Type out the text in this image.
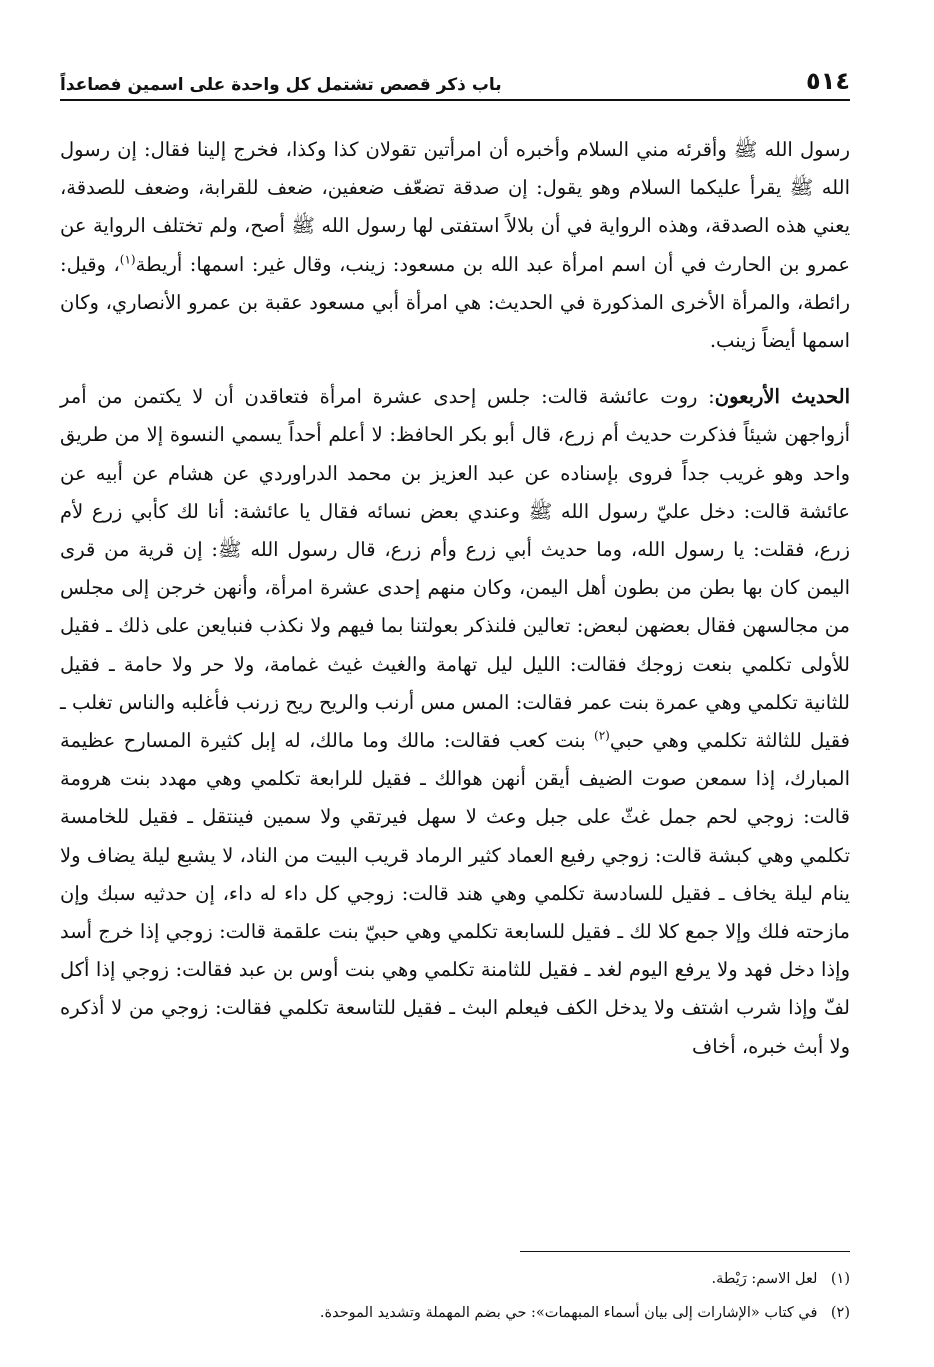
٥١٤
باب ذكر قصص تشتمل كل واحدة على اسمين فصاعداً

رسول الله ﷺ وأقرئه مني السلام وأخبره أن امرأتين تقولان كذا وكذا، فخرج إلينا فقال: إن رسول الله ﷺ يقرأ عليكما السلام وهو يقول: إن صدقة تضعّف ضعفين، ضعف للقرابة، وضعف للصدقة، يعني هذه الصدقة، وهذه الرواية في أن بلالاً استفتى لها رسول الله ﷺ أصح، ولم تختلف الرواية عن عمرو بن الحارث في أن اسم امرأة عبد الله بن مسعود: زينب، وقال غير: اسمها: أريطة$^{(١)}$، وقيل: رائطة، والمرأة الأخرى المذكورة في الحديث: هي امرأة أبي مسعود عقبة بن عمرو الأنصاري، وكان اسمها أيضاً زينب.

الحديث الأربعون: روت عائشة قالت: جلس إحدى عشرة امرأة فتعاقدن أن لا يكتمن من أمر أزواجهن شيئاً فذكرت حديث أم زرع، قال أبو بكر الحافظ: لا أعلم أحداً يسمي النسوة إلا من طريق واحد وهو غريب جداً فروى بإسناده عن عبد العزيز بن محمد الدراوردي عن هشام عن أبيه عن عائشة قالت: دخل عليّ رسول الله ﷺ وعندي بعض نسائه فقال يا عائشة: أنا لك كأبي زرع لأم زرع، فقلت: يا رسول الله، وما حديث أبي زرع وأم زرع، قال رسول الله ﷺ: إن قرية من قرى اليمن كان بها بطن من بطون أهل اليمن، وكان منهم إحدى عشرة امرأة، وأنهن خرجن إلى مجلس من مجالسهن فقال بعضهن لبعض: تعالين فلنذكر بعولتنا بما فيهم ولا نكذب فنبايعن على ذلك ـ فقيل للأولى تكلمي بنعت زوجك فقالت: الليل ليل تهامة والغيث غيث غمامة، ولا حر ولا حامة ـ فقيل للثانية تكلمي وهي عمرة بنت عمر فقالت: المس مس أرنب والريح ريح زرنب فأغلبه والناس تغلب ـ فقيل للثالثة تكلمي وهي حبي$^{(٢)}$ بنت كعب فقالت: مالك وما مالك، له إبل كثيرة المسارح عظيمة المبارك، إذا سمعن صوت الضيف أيقن أنهن هوالك ـ فقيل للرابعة تكلمي وهي مهدد بنت هرومة قالت: زوجي لحم جمل غثّ على جبل وعث لا سهل فيرتقي ولا سمين فينتقل ـ فقيل للخامسة تكلمي وهي كبشة قالت: زوجي رفيع العماد كثير الرماد قريب البيت من الناد، لا يشبع ليلة يضاف ولا ينام ليلة يخاف ـ فقيل للسادسة تكلمي وهي هند قالت: زوجي كل داء له داء، إن حدثيه سبك وإن مازحته فلك وإلا جمع كلا لك ـ فقيل للسابعة تكلمي وهي حبيّ بنت علقمة قالت: زوجي إذا خرج أسد وإذا دخل فهد ولا يرفع اليوم لغد ـ فقيل للثامنة تكلمي وهي بنت أوس بن عبد فقالت: زوجي إذا أكل لفّ وإذا شرب اشتف ولا يدخل الكف فيعلم البث ـ فقيل للتاسعة تكلمي فقالت: زوجي من لا أذكره ولا أبث خبره، أخاف

(١) لعل الاسم: رَيْطة.

(٢) في كتاب «الإشارات إلى بيان أسماء المبهمات»: حي بضم المهملة وتشديد الموحدة.
